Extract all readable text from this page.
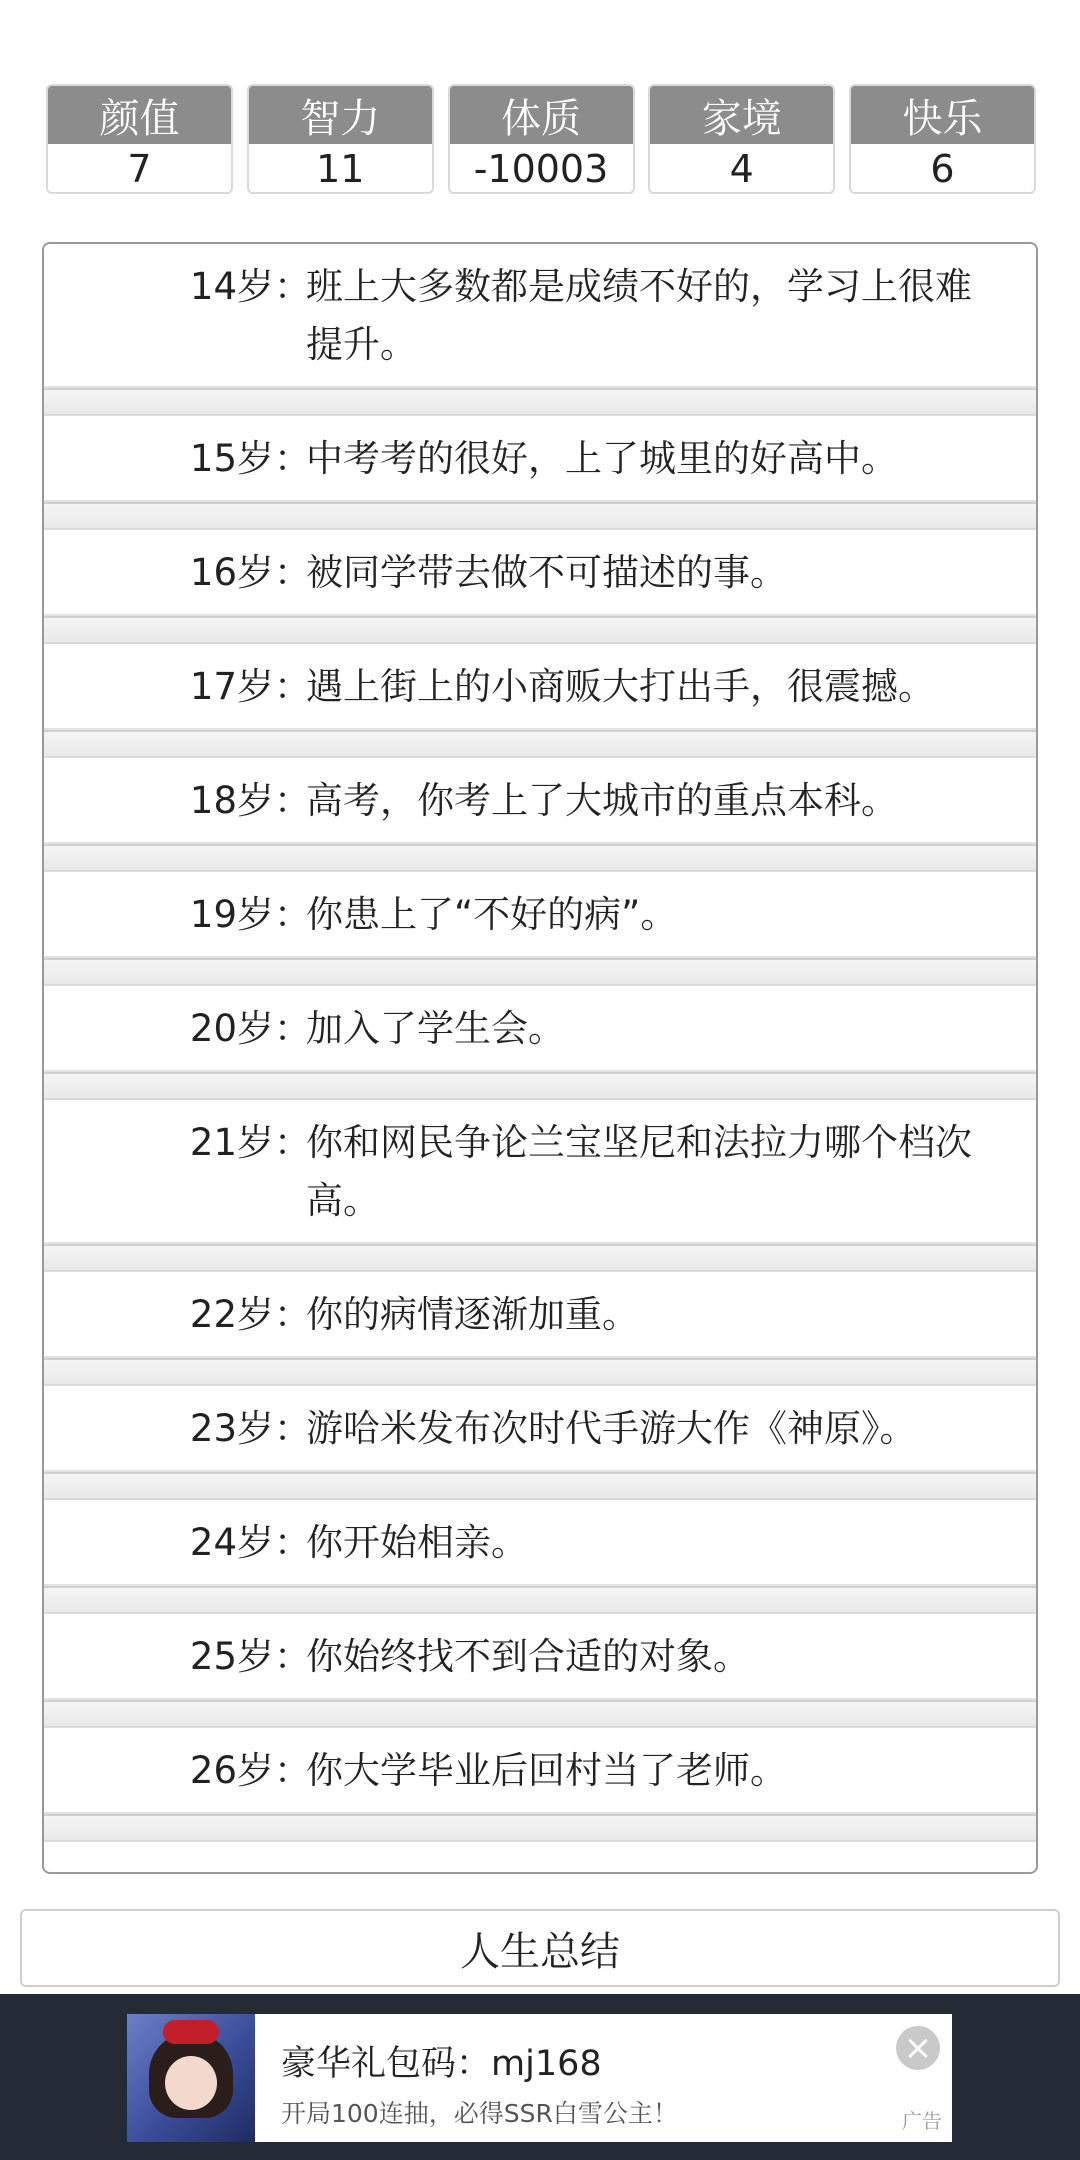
颜值
7
智力
11
体质
-10003
家境
4
快乐
6
14岁 ：
班上大多数都是成绩不好的，学习上很难提升。
15岁 ：
中考考的很好，上了城里的好高中。
16岁 ：
被同学带去做不可描述的事。
17岁 ：
遇上街上的小商贩大打出手，很震撼。
18岁 ：
高考，你考上了大城市的重点本科。
19岁 ：
你患上了“不好的病”。
20岁 ：
加入了学生会。
21岁 ：
你和网民争论兰宝坚尼和法拉力哪个档次高。
22岁 ：
你的病情逐渐加重。
23岁 ：
游哈米发布次时代手游大作《神原》。
24岁 ：
你开始相亲。
25岁 ：
你始终找不到合适的对象。
26岁 ：
你大学毕业后回村当了老师。
人生总结
豪华礼包码：mj168
开局100连抽，必得SSR白雪公主！
×
广告
